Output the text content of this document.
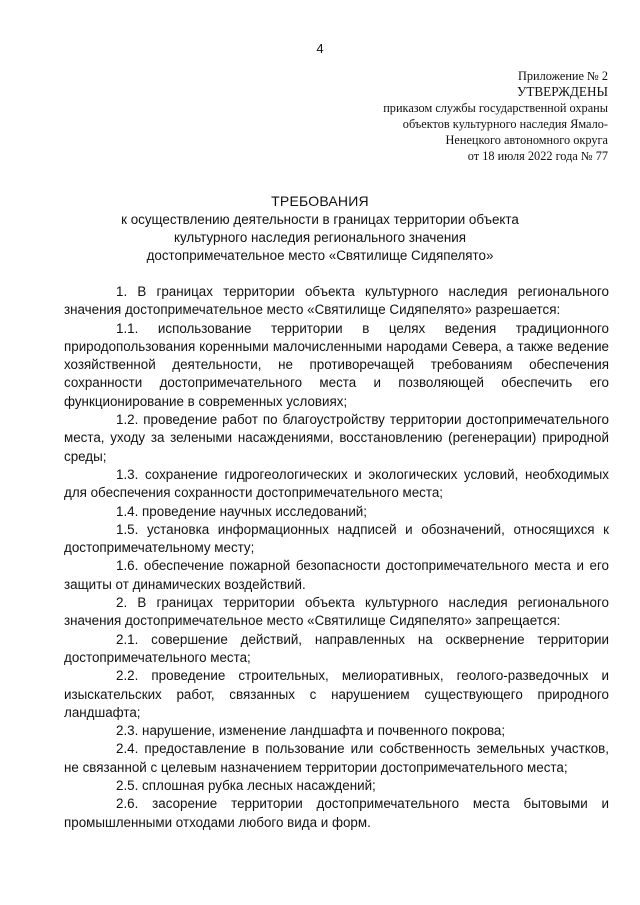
4
Приложение № 2
УТВЕРЖДЕНЫ
приказом службы государственной охраны
объектов культурного наследия Ямало-
Ненецкого автономного округа
от 18 июля 2022 года № 77
ТРЕБОВАНИЯ
к осуществлению деятельности в границах территории объекта культурного наследия регионального значения достопримечательное место «Святилище Сидяпелято»

1. В границах территории объекта культурного наследия регионального значения достопримечательное место «Святилище Сидяпелято» разрешается:

1.1. использование территории в целях ведения традиционного природопользования коренными малочисленными народами Севера, а также ведение хозяйственной деятельности, не противоречащей требованиям обеспечения сохранности достопримечательного места и позволяющей обеспечить его функционирование в современных условиях;

1.2. проведение работ по благоустройству территории достопримечательного места, уходу за зелеными насаждениями, восстановлению (регенерации) природной среды;

1.3. сохранение гидрогеологических и экологических условий, необходимых для обеспечения сохранности достопримечательного места;

1.4. проведение научных исследований;

1.5. установка информационных надписей и обозначений, относящихся к достопримечательному месту;

1.6. обеспечение пожарной безопасности достопримечательного места и его защиты от динамических воздействий.

2. В границах территории объекта культурного наследия регионального значения достопримечательное место «Святилище Сидяпелято» запрещается:

2.1. совершение действий, направленных на осквернение территории достопримечательного места;

2.2. проведение строительных, мелиоративных, геолого-разведочных и изыскательских работ, связанных с нарушением существующего природного ландшафта;

2.3. нарушение, изменение ландшафта и почвенного покрова;

2.4. предоставление в пользование или собственность земельных участков, не связанной с целевым назначением территории достопримечательного места;

2.5. сплошная рубка лесных насаждений;

2.6. засорение территории достопримечательного места бытовыми и промышленными отходами любого вида и форм.
